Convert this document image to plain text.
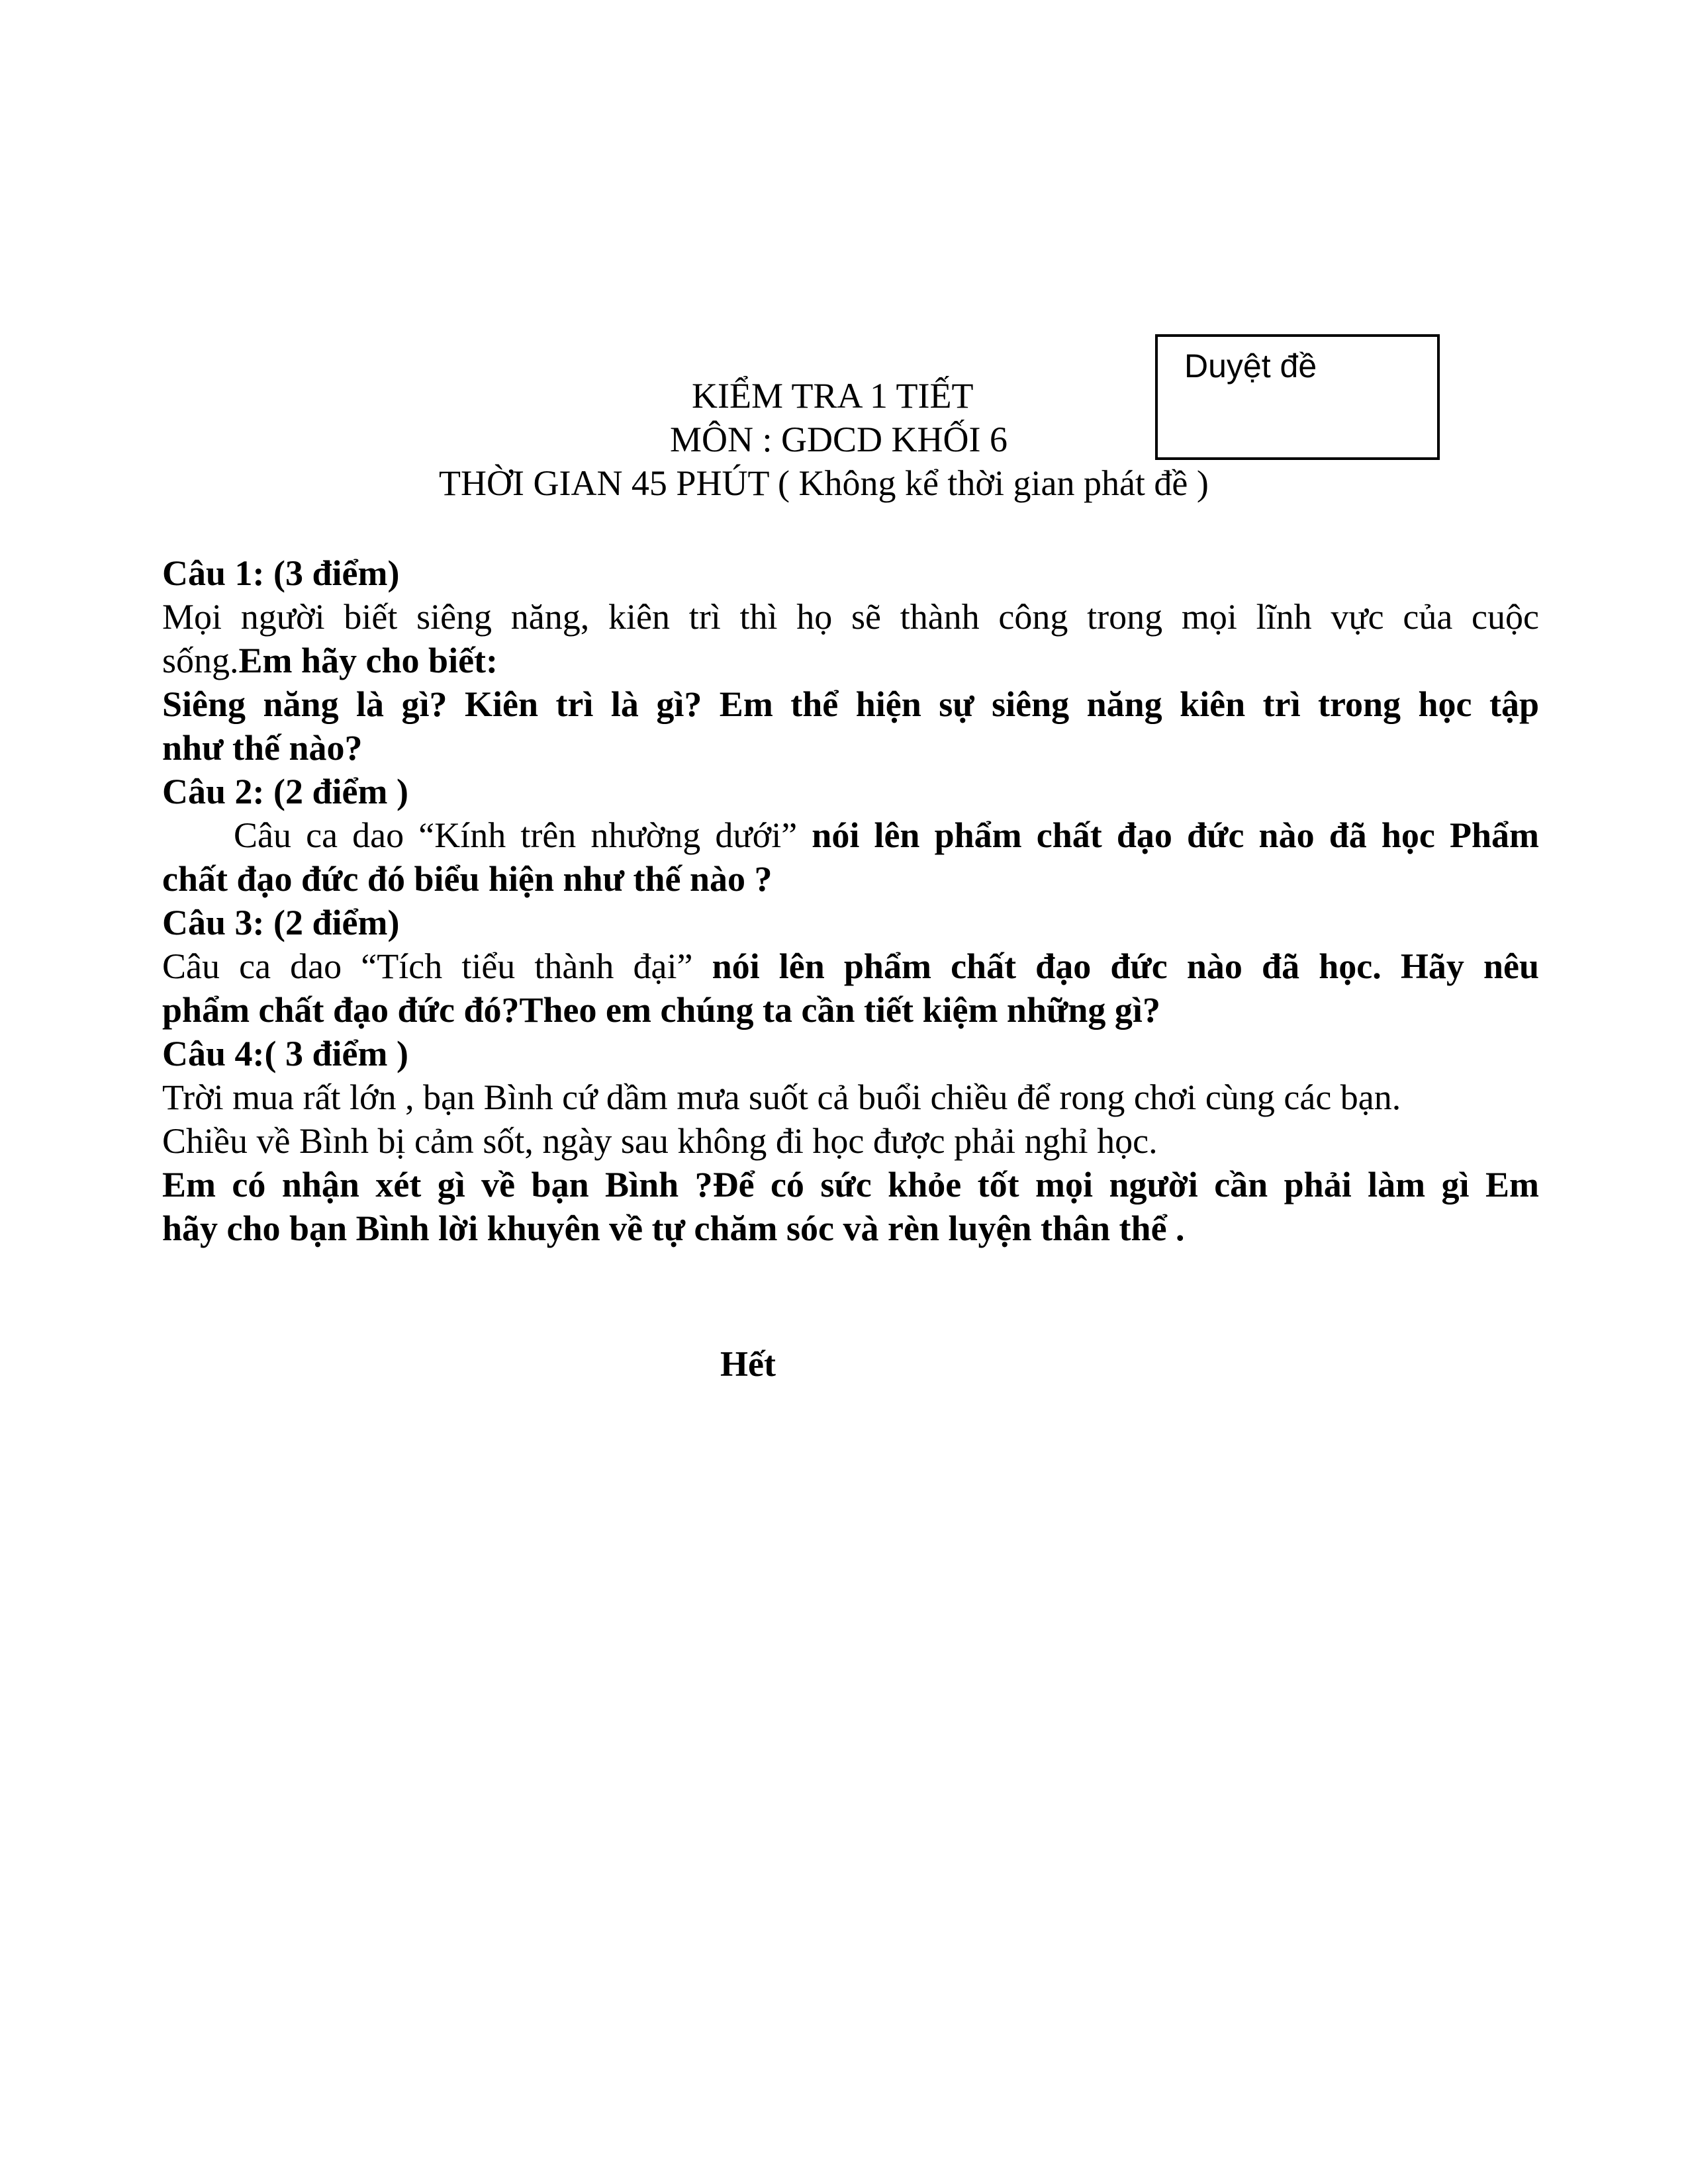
Duyệt đề
KIỂM TRA 1 TIẾT
MÔN : GDCD KHỐI 6
THỜI GIAN 45 PHÚT ( Không kể thời gian phát đề )
Câu 1: (3 điểm)
Mọi người biết siêng năng, kiên trì thì họ sẽ thành công trong mọi lĩnh vực của cuộc
sống.Em hãy cho biết:
Siêng năng là gì? Kiên trì là gì? Em thể hiện sự siêng năng kiên trì trong học tập
như thế nào?
Câu 2: (2 điểm )
Câu ca dao “Kính trên nhường dưới” nói lên phẩm chất đạo đức nào đã học Phẩm
chất đạo đức đó biểu hiện như thế nào ?
Câu 3: (2 điểm)
Câu ca dao “Tích tiểu thành đại” nói lên phẩm chất đạo đức nào đã học. Hãy nêu
phẩm chất đạo đức đó?Theo em chúng ta cần tiết kiệm những gì?
Câu 4:( 3 điểm )
Trời mua rất lớn , bạn Bình cứ dầm mưa suốt cả buổi chiều để rong chơi cùng các bạn.
Chiều về Bình bị cảm sốt, ngày sau không đi học được phải nghỉ học.
Em có nhận xét gì về bạn Bình ?Để có sức khỏe tốt mọi người cần phải làm gì Em
hãy cho bạn Bình lời khuyên về tự chăm sóc và rèn luyện thân thể .
Hết
